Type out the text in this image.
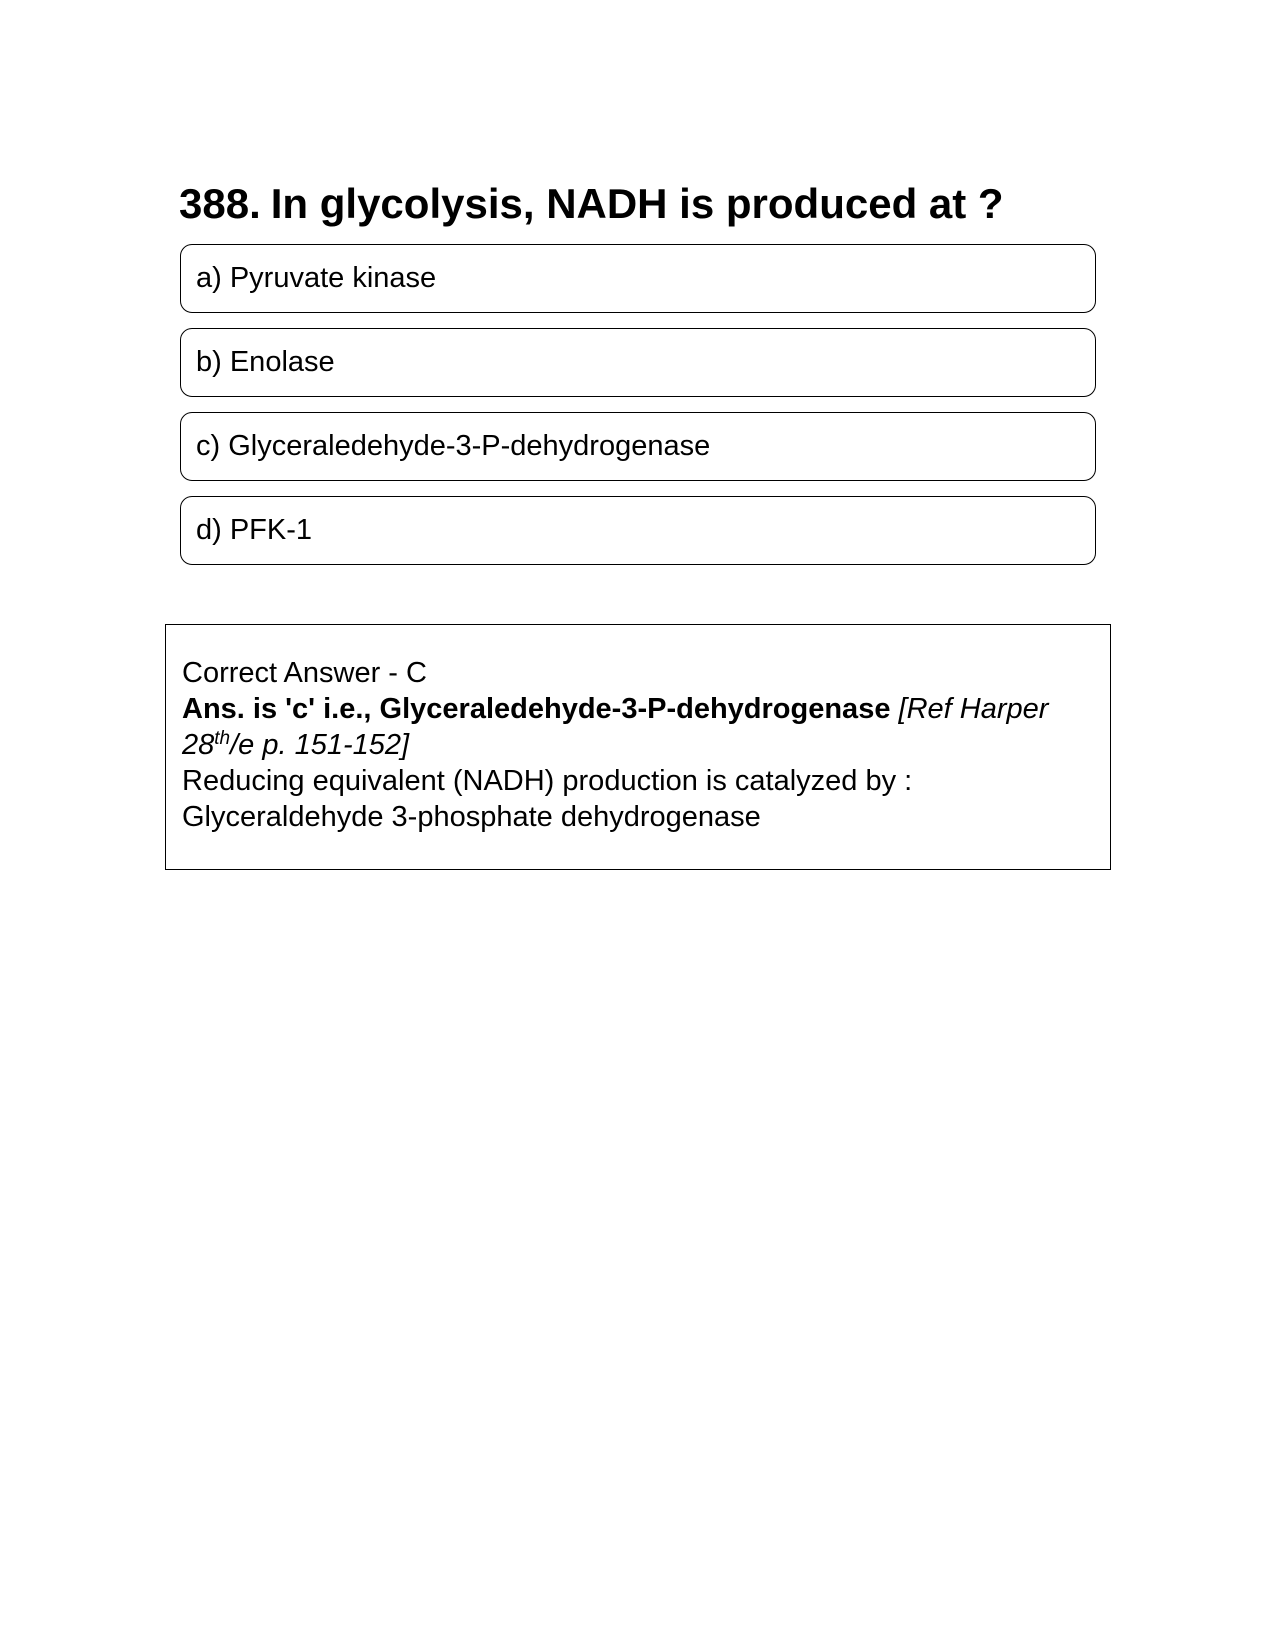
388. In glycolysis, NADH is produced at ?
a) Pyruvate kinase
b) Enolase
c) Glyceraledehyde-3-P-dehydrogenase
d) PFK-1

Correct Answer - C

Ans. is 'c' i.e., Glyceraledehyde-3-P-dehydrogenase [Ref Harper 28th/e p. 151-152]

Reducing equivalent (NADH) production is catalyzed by :

Glyceraldehyde 3-phosphate dehydrogenase
